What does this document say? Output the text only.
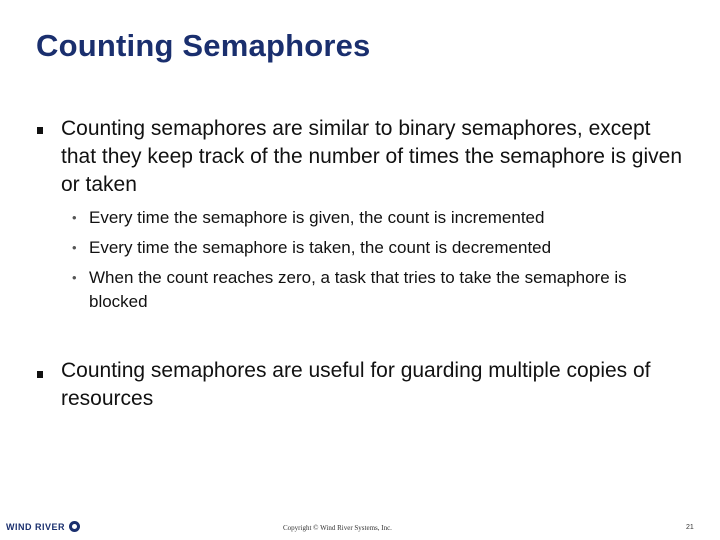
Counting Semaphores
Counting semaphores are similar to binary semaphores, except that they keep track of the number of times the semaphore is given or taken
• Every time the semaphore is given, the count is incremented
• Every time the semaphore is taken, the count is decremented
• When the count reaches zero, a task that tries to take the semaphore is blocked
Counting semaphores are useful for guarding multiple copies of resources
WIND RIVER	Copyright © Wind River Systems, Inc.	21
